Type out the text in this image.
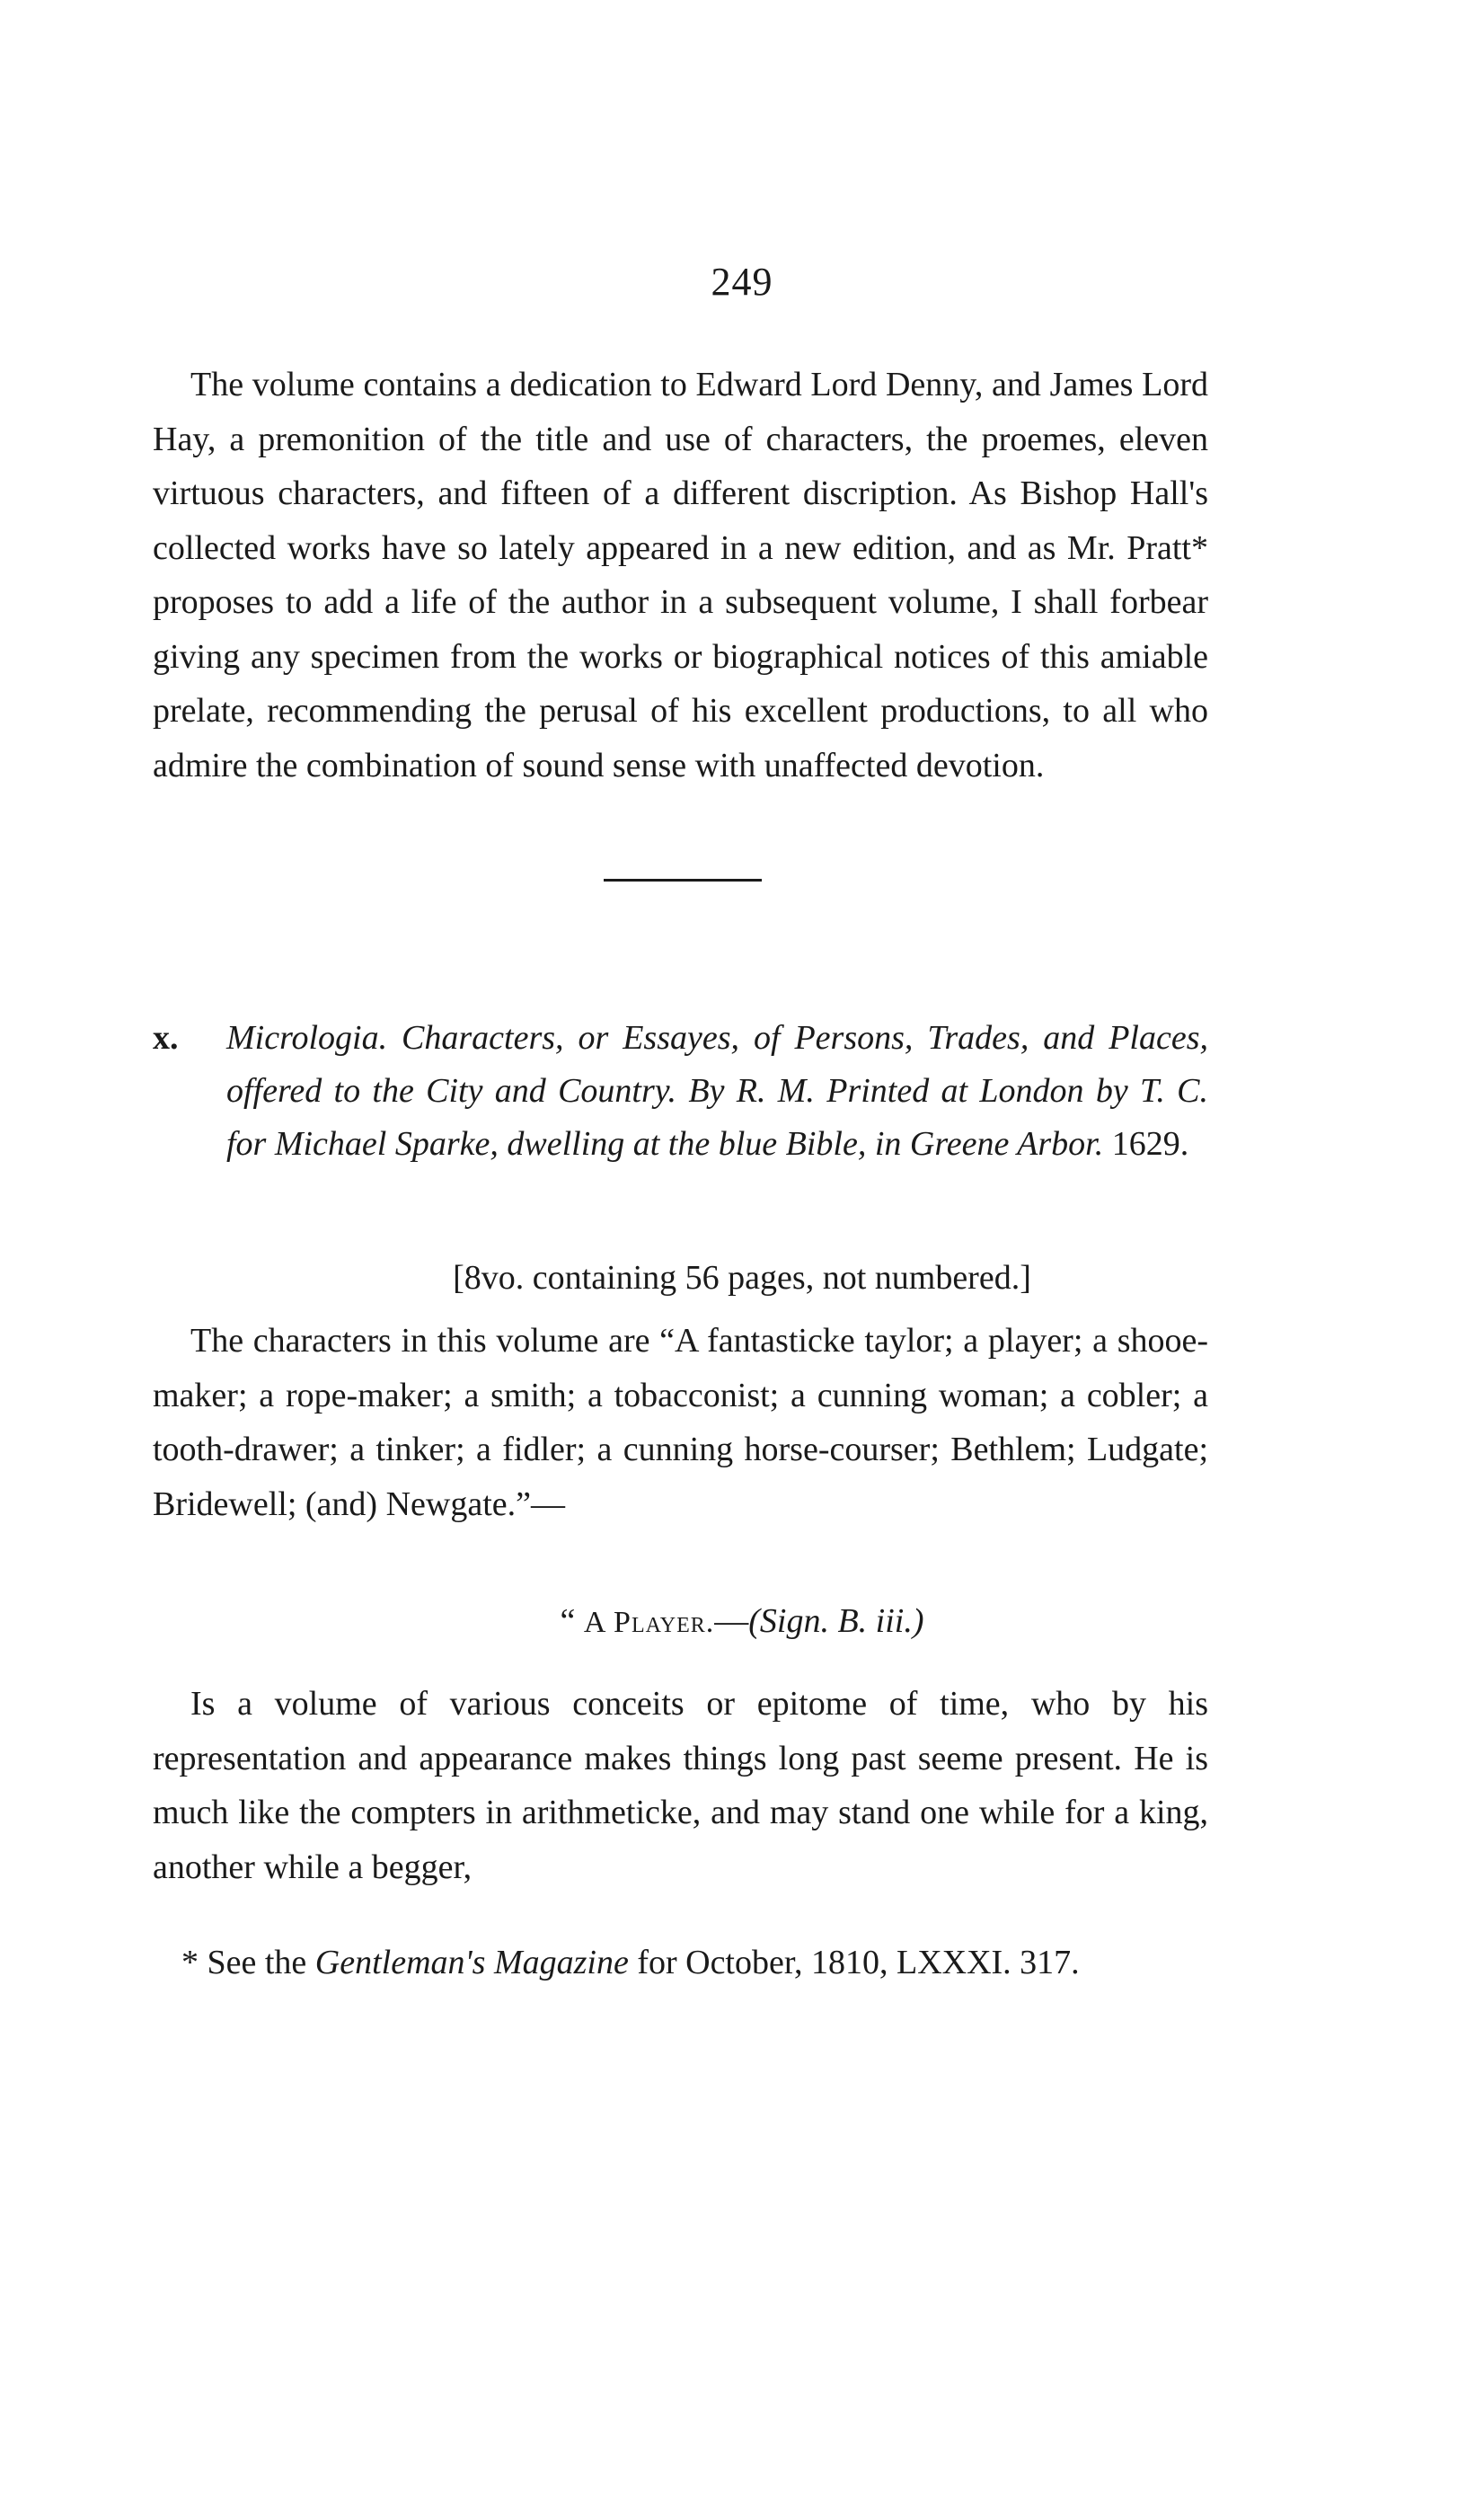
249

The volume contains a dedication to Edward Lord Denny, and James Lord Hay, a premonition of the title and use of characters, the proemes, eleven virtuous characters, and fifteen of a different discription. As Bishop Hall's collected works have so lately appeared in a new edition, and as Mr. Pratt* proposes to add a life of the author in a subsequent volume, I shall forbear giving any specimen from the works or biographical notices of this amiable prelate, recommending the perusal of his excellent productions, to all who admire the combination of sound sense with unaffected devotion.

x. Micrologia. Characters, or Essayes, of Persons, Trades, and Places, offered to the City and Country. By R. M. Printed at London by T. C. for Michael Sparke, dwelling at the blue Bible, in Greene Arbor. 1629.

[8vo. containing 56 pages, not numbered.]

The characters in this volume are “A fantasticke taylor; a player; a shooe-maker; a rope-maker; a smith; a tobacconist; a cunning woman; a cobler; a tooth-drawer; a tinker; a fidler; a cunning horse-courser; Bethlem; Ludgate; Bridewell; (and) Newgate.”—

“ A Player.—(Sign. B. iii.)

Is a volume of various conceits or epitome of time, who by his representation and appearance makes things long past seeme present. He is much like the compters in arithmeticke, and may stand one while for a king, another while a begger,

* See the Gentleman's Magazine for October, 1810, LXXXI. 317.
